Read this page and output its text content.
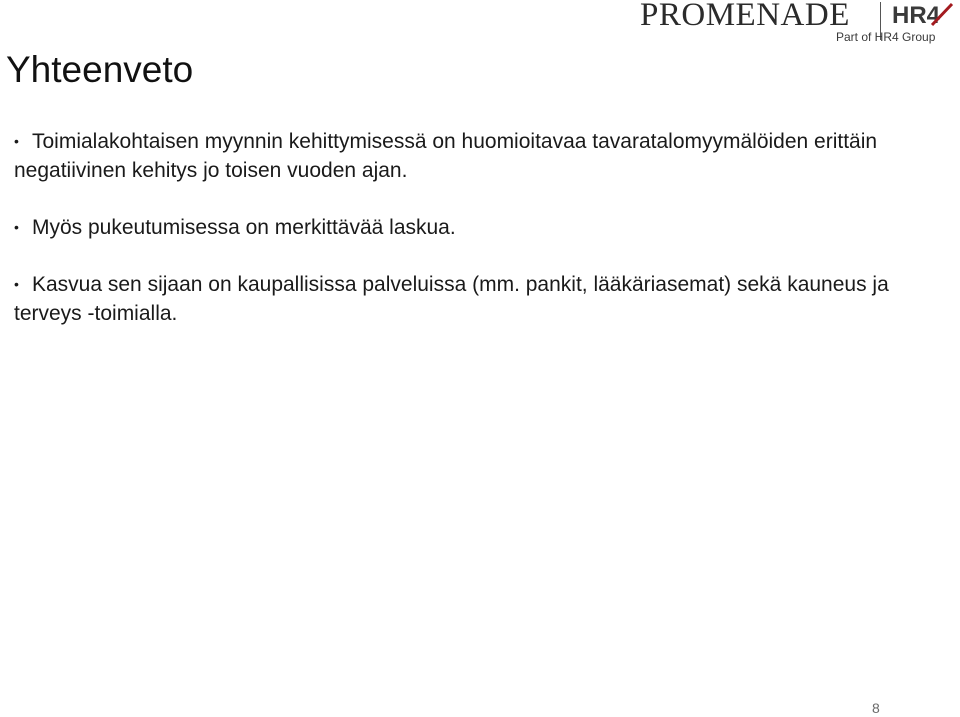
PROMENADE HR4
Part of HR4 Group
Yhteenveto
• Toimialakohtaisen myynnin kehittymisessä on huomioitavaa tavaratalomyymälöiden erittäin negatiivinen kehitys jo toisen vuoden ajan.
• Myös pukeutumisessa on merkittävää laskua.
• Kasvua sen sijaan on kaupallisissa palveluissa (mm. pankit, lääkäriasemat) sekä kauneus ja terveys -toimialla.
8
